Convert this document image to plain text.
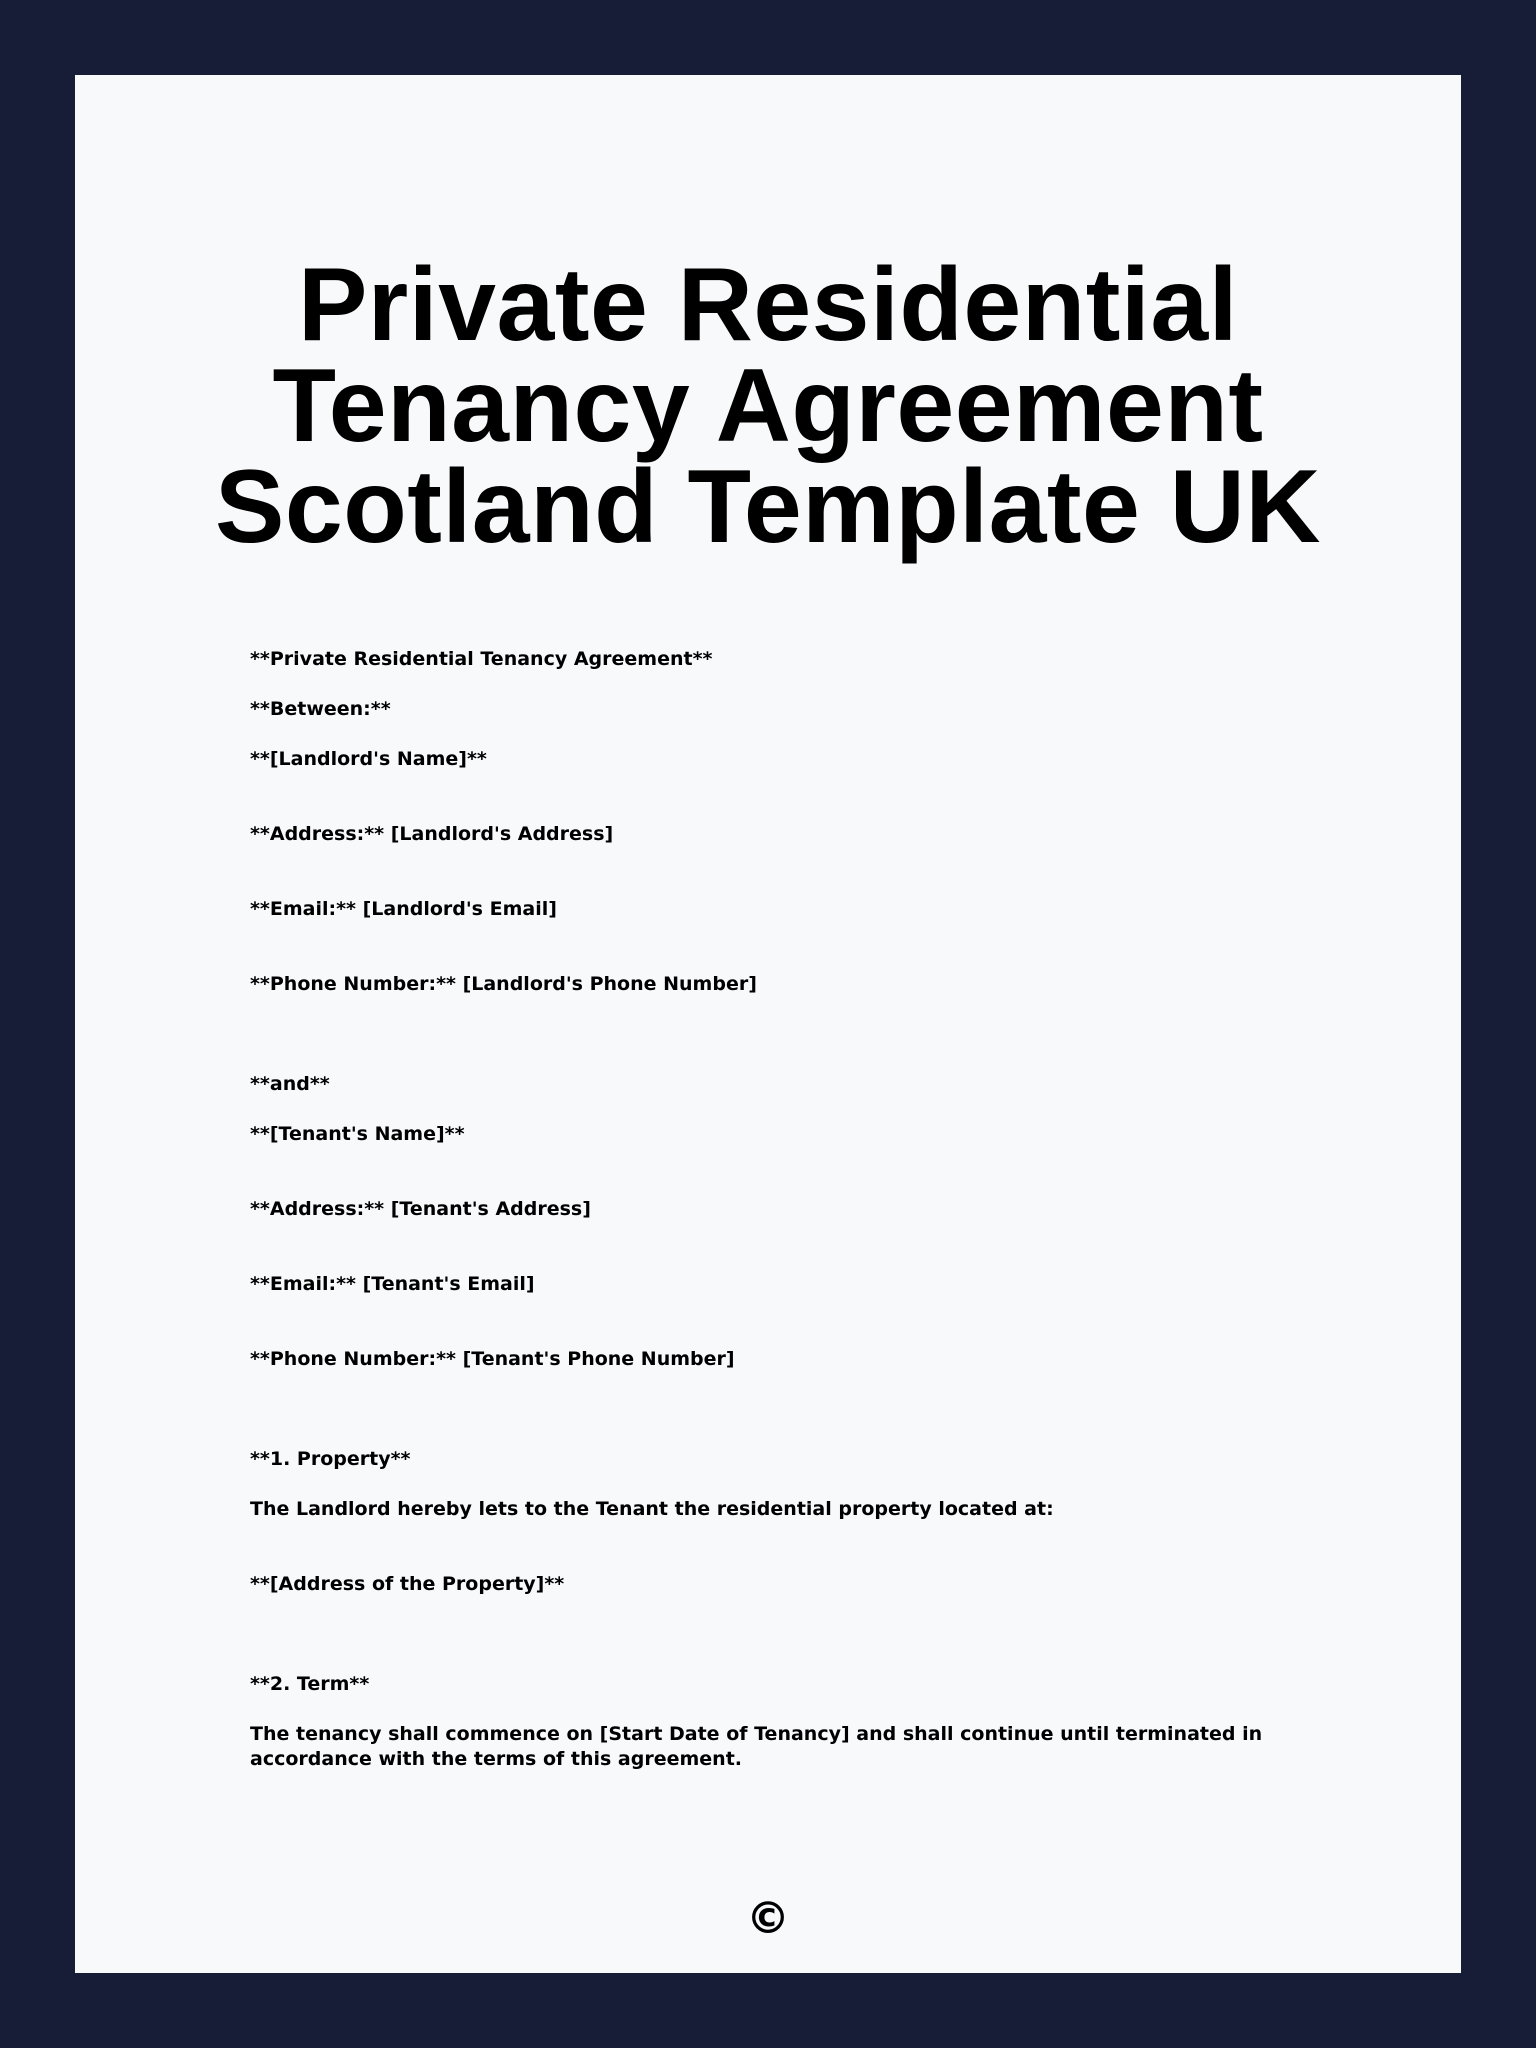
Private Residential Tenancy Agreement Scotland Template UK

**Private Residential Tenancy Agreement**

**Between:**

**[Landlord's Name]**

**Address:** [Landlord's Address]

**Email:** [Landlord's Email]

**Phone Number:** [Landlord's Phone Number]

**and**

**[Tenant's Name]**

**Address:** [Tenant's Address]

**Email:** [Tenant's Email]

**Phone Number:** [Tenant's Phone Number]

**1. Property**

The Landlord hereby lets to the Tenant the residential property located at:

**[Address of the Property]**

**2. Term**

The tenancy shall commence on [Start Date of Tenancy] and shall continue until terminated in accordance with the terms of this agreement.

©
